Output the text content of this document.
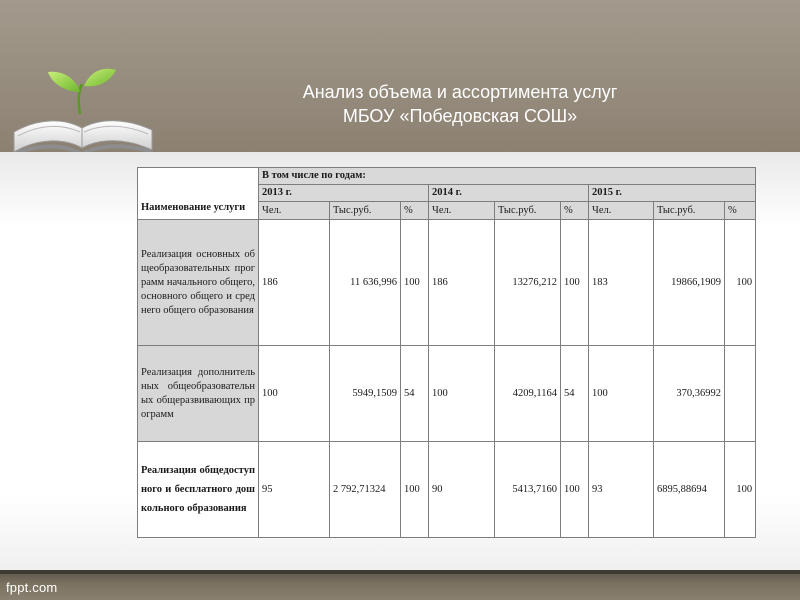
Анализ объема и ассортимента услуг
МБОУ «Победовская СОШ»
Наименование услуги	В том числе по годам:								
	2013 г.			2014 г.			2015 г.		
	Чел.	Тыс.руб.	%	Чел.	Тыс.руб.	%	Чел.	Тыс.руб.	%
Реализация основных общеобразовательных программ начального общего, основного общего и среднего общего образования	186	11 636,996	100	186	13276,212	100	183	19866,1909	100
Реализация дополнительных общеобразовательных общеразвивающих программ	100	5949,1509	54	100	4209,1164	54	100	370,36992	
Реализация общедоступного и бесплатного дошкольного образования	95	2 792,71324	100	90	5413,7160	100	93	6895,88694	100
fppt.com
